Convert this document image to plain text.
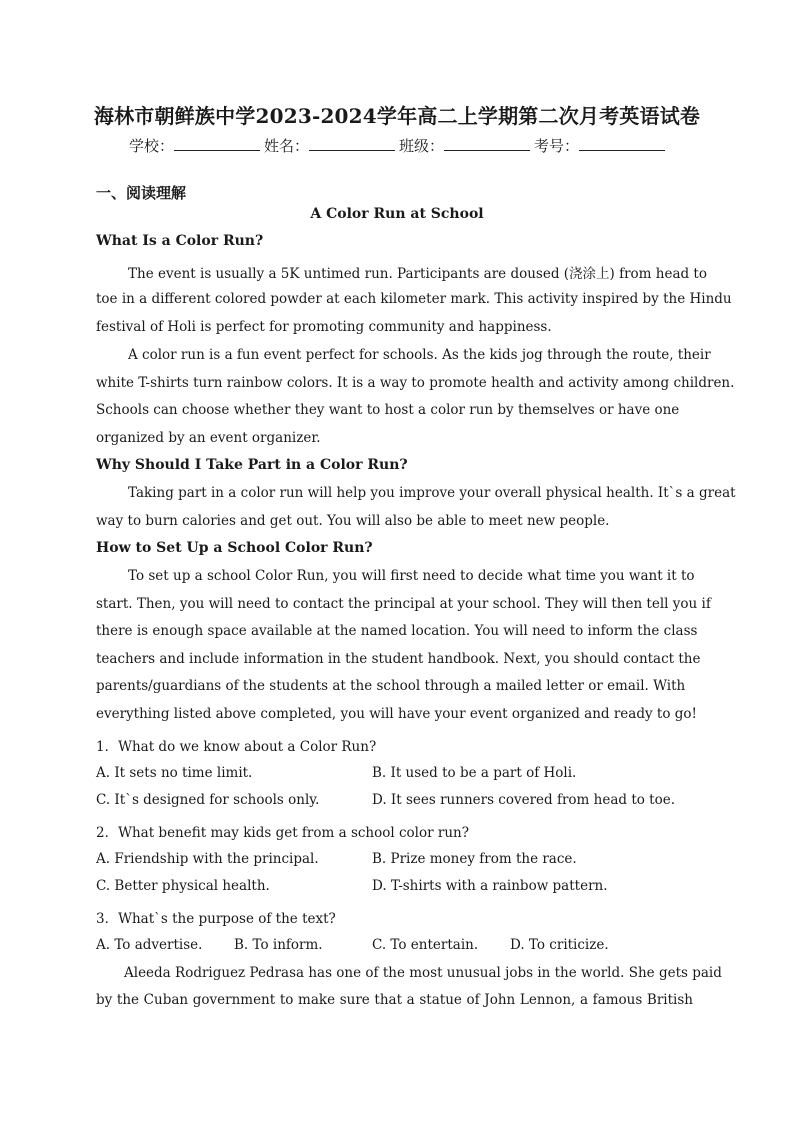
海林市朝鲜族中学2023-2024学年高二上学期第二次月考英语试卷
学校：	姓名：	班级：	考号：
一、阅读理解
A Color Run at School
What Is a Color Run?
The event is usually a 5K untimed run. Participants are doused (浇涂上) from head to
toe in a different colored powder at each kilometer mark. This activity inspired by the Hindu
festival of Holi is perfect for promoting community and happiness.
A color run is a fun event perfect for schools. As the kids jog through the route, their
white T-shirts turn rainbow colors. It is a way to promote health and activity among children.
Schools can choose whether they want to host a color run by themselves or have one
organized by an event organizer.
Why Should I Take Part in a Color Run?
Taking part in a color run will help you improve your overall physical health. It`s a great
way to burn calories and get out. You will also be able to meet new people.
How to Set Up a School Color Run?
To set up a school Color Run, you will first need to decide what time you want it to
start. Then, you will need to contact the principal at your school. They will then tell you if
there is enough space available at the named location. You will need to inform the class
teachers and include information in the student handbook. Next, you should contact the
parents/guardians of the students at the school through a mailed letter or email. With
everything listed above completed, you will have your event organized and ready to go!
1．What do we know about a Color Run?
A. It sets no time limit.	B. It used to be a part of Holi.
C. It`s designed for schools only.	D. It sees runners covered from head to toe.
2．What benefit may kids get from a school color run?
A. Friendship with the principal.	B. Prize money from the race.
C. Better physical health.	D. T-shirts with a rainbow pattern.
3．What`s the purpose of the text?
A. To advertise. B. To inform.	C. To entertain. D. To criticize.
Aleeda Rodriguez Pedrasa has one of the most unusual jobs in the world. She gets paid
by the Cuban government to make sure that a statue of John Lennon, a famous British
